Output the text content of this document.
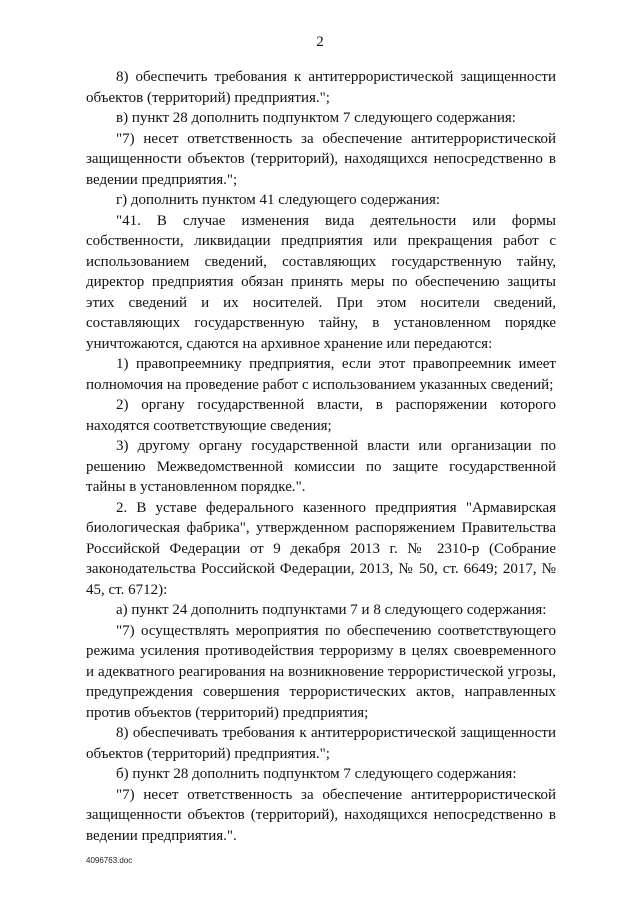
2

8) обеспечить требования к антитеррористической защищенности объектов (территорий) предприятия.";

в) пункт 28 дополнить подпунктом 7 следующего содержания:

"7) несет ответственность за обеспечение антитеррористической защищенности объектов (территорий), находящихся непосредственно в ведении предприятия.";

г) дополнить пунктом 41 следующего содержания:

"41. В случае изменения вида деятельности или формы собственности, ликвидации предприятия или прекращения работ с использованием сведений, составляющих государственную тайну, директор предприятия обязан принять меры по обеспечению защиты этих сведений и их носителей. При этом носители сведений, составляющих государственную тайну, в установленном порядке уничтожаются, сдаются на архивное хранение или передаются:

1) правопреемнику предприятия, если этот правопреемник имеет полномочия на проведение работ с использованием указанных сведений;

2) органу государственной власти, в распоряжении которого находятся соответствующие сведения;

3) другому органу государственной власти или организации по решению Межведомственной комиссии по защите государственной тайны в установленном порядке.".

2. В уставе федерального казенного предприятия "Армавирская биологическая фабрика", утвержденном распоряжением Правительства Российской Федерации от 9 декабря 2013 г. № 2310-р (Собрание законодательства Российской Федерации, 2013, № 50, ст. 6649; 2017, № 45, ст. 6712):

а) пункт 24 дополнить подпунктами 7 и 8 следующего содержания:

"7) осуществлять мероприятия по обеспечению соответствующего режима усиления противодействия терроризму в целях своевременного и адекватного реагирования на возникновение террористической угрозы, предупреждения совершения террористических актов, направленных против объектов (территорий) предприятия;

8) обеспечивать требования к антитеррористической защищенности объектов (территорий) предприятия.";

б) пункт 28 дополнить подпунктом 7 следующего содержания:

"7) несет ответственность за обеспечение антитеррористической защищенности объектов (территорий), находящихся непосредственно в ведении предприятия.".

4096763.doc
